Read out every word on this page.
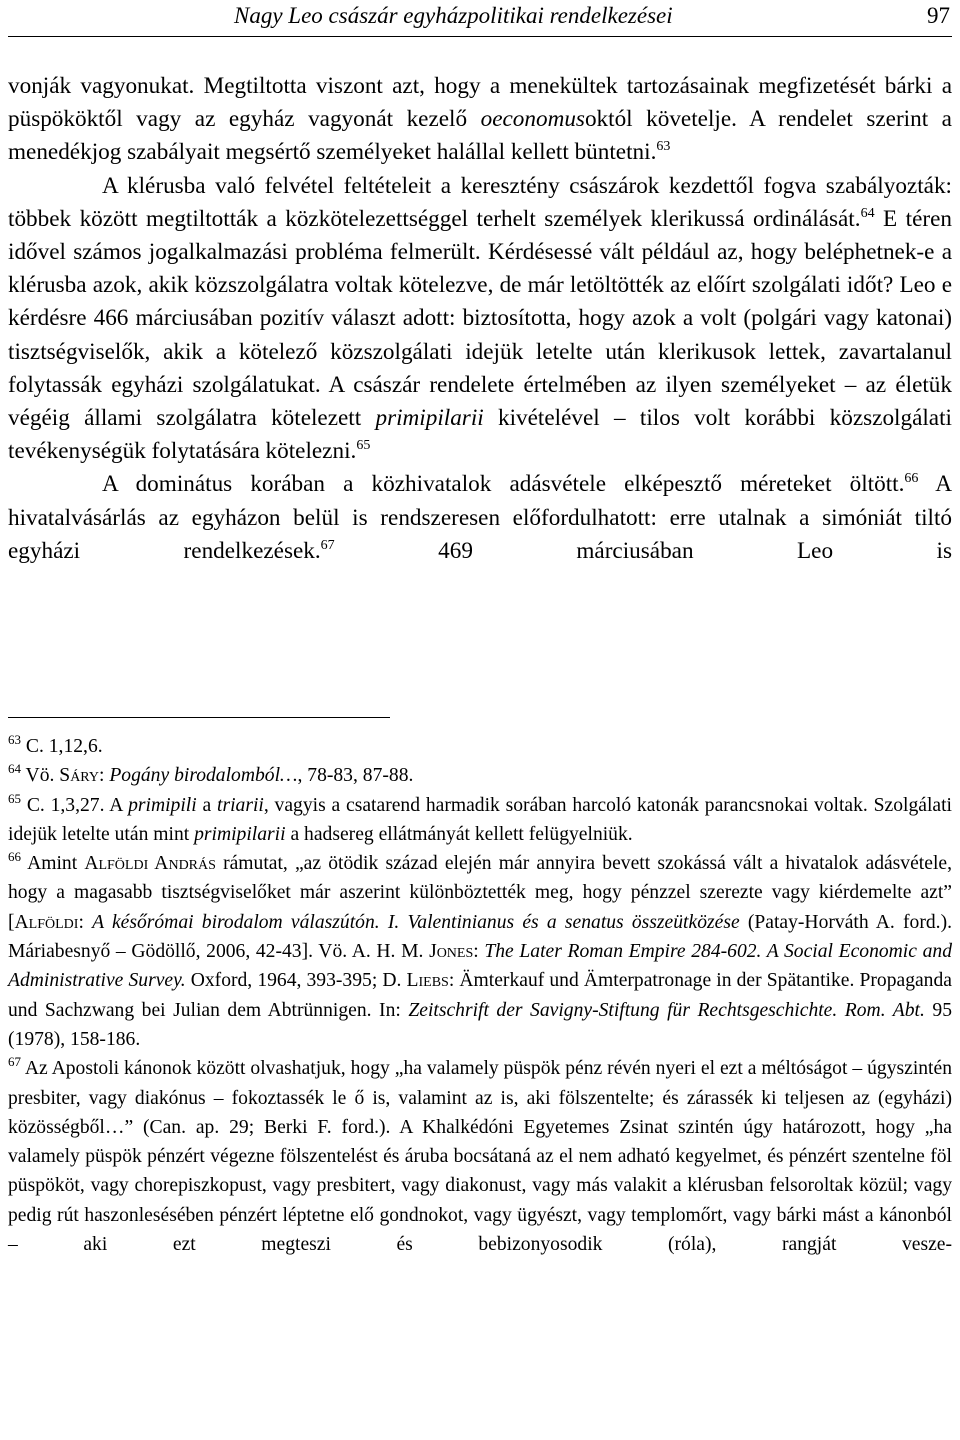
Nagy Leo császár egyházpolitikai rendelkezései	97

vonják vagyonukat. Megtiltotta viszont azt, hogy a menekültek tartozásainak megfizetését bárki a püspököktől vagy az egyház vagyonát kezelő oeconomusoktól követelje. A rendelet szerint a menedékjog szabályait megsértő személyeket halállal kellett büntetni.$^{63}$

A klérusba való felvétel feltételeit a keresztény császárok kezdettől fogva szabályozták: többek között megtiltották a közkötelezettséggel terhelt személyek klerikussá ordinálását.$^{64}$ E téren idővel számos jogalkalmazási probléma felmerült. Kérdésessé vált például az, hogy beléphetnek-e a klérusba azok, akik közszolgálatra voltak kötelezve, de már letöltötték az előírt szolgálati időt? Leo e kérdésre 466 márciusában pozitív választ adott: biztosította, hogy azok a volt (polgári vagy katonai) tisztségviselők, akik a kötelező közszolgálati idejük letelte után klerikusok lettek, zavartalanul folytassák egyházi szolgálatukat. A császár rendelete értelmében az ilyen személyeket – az életük végéig állami szolgálatra kötelezett primipilarii kivételével – tilos volt korábbi közszolgálati tevékenységük folytatására kötelezni.$^{65}$

A dominátus korában a közhivatalok adásvétele elképesztő méreteket öltött.$^{66}$ A hivatalvásárlás az egyházon belül is rendszeresen előfordulhatott: erre utalnak a simóniát tiltó egyházi rendelkezések.$^{67}$ 469 márciusában Leo is

$^{63}$ C. 1,12,6.

$^{64}$ Vö. Sáry: Pogány birodalomból…, 78-83, 87-88.

$^{65}$ C. 1,3,27. A primipili a triarii, vagyis a csatarend harmadik sorában harcoló katonák parancsnokai voltak. Szolgálati idejük letelte után mint primipilarii a hadsereg ellátmányát kellett felügyelniük.

$^{66}$ Amint Alföldi András rámutat, „az ötödik század elején már annyira bevett szokássá vált a hivatalok adásvétele, hogy a magasabb tisztségviselőket már aszerint különböztették meg, hogy pénzzel szerezte vagy kiérdemelte azt” [Alföldi: A későrómai birodalom válaszútón. I. Valentinianus és a senatus összeütközése (Patay-Horváth A. ford.). Máriabesnyő – Gödöllő, 2006, 42-43]. Vö. A. H. M. Jones: The Later Roman Empire 284-602. A Social Economic and Administrative Survey. Oxford, 1964, 393-395; D. Liebs: Ämterkauf und Ämterpatronage in der Spätantike. Propaganda und Sachzwang bei Julian dem Abtrünnigen. In: Zeitschrift der Savigny-Stiftung für Rechtsgeschichte. Rom. Abt. 95 (1978), 158-186.

$^{67}$ Az Apostoli kánonok között olvashatjuk, hogy „ha valamely püspök pénz révén nyeri el ezt a méltóságot – úgyszintén presbiter, vagy diakónus – fokoztassék le ő is, valamint az is, aki fölszentelte; és zárassék ki teljesen az (egyházi) közösségből…” (Can. ap. 29; Berki F. ford.). A Khalkédóni Egyetemes Zsinat szintén úgy határozott, hogy „ha valamely püspök pénzért végezne fölszentelést és áruba bocsátaná az el nem adható kegyelmet, és pénzért szentelne föl püspököt, vagy chorepiszkopust, vagy presbitert, vagy diakonust, vagy más valakit a klérusban felsoroltak közül; vagy pedig rút haszonlesésében pénzért léptetne elő gondnokot, vagy ügyészt, vagy templomőrt, vagy bárki mást a kánonból – aki ezt megteszi és bebizonyosodik (róla), rangját vesze-
